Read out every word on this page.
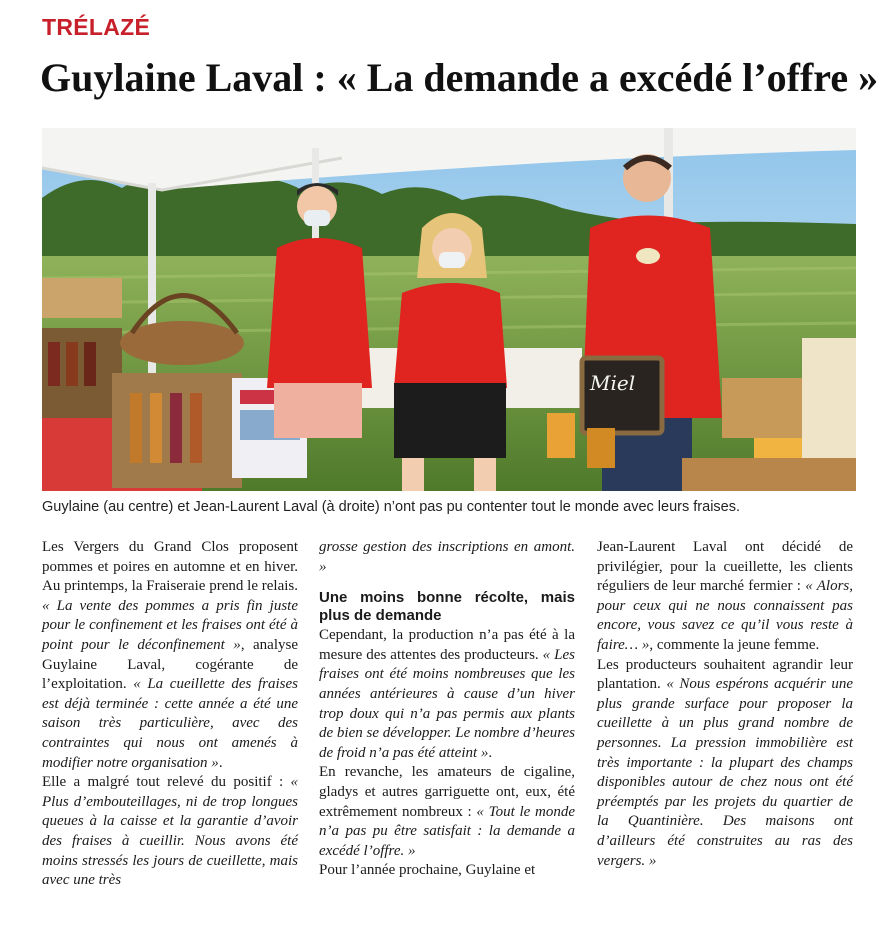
TRÉLAZÉ
Guylaine Laval : « La demande a excédé l’offre »
Miel
Guylaine (au centre) et Jean-Laurent Laval (à droite) n’ont pas pu contenter tout le monde avec leurs fraises.

Les Vergers du Grand Clos proposent pommes et poires en automne et en hiver. Au printemps, la Fraiseraie prend le relais. « La vente des pommes a pris fin juste pour le confinement et les fraises ont été à point pour le déconfinement », analyse Guylaine Laval, cogérante de l’exploitation. « La cueillette des fraises est déjà terminée : cette année a été une saison très particulière, avec des contraintes qui nous ont amenés à modifier notre organisation ».

Elle a malgré tout relevé du positif : « Plus d’embouteillages, ni de trop longues queues à la caisse et la garantie d’avoir des fraises à cueillir. Nous avons été moins stressés les jours de cueillette, mais avec une très

grosse gestion des inscriptions en amont. »

Une moins bonne récolte, mais plus de demande

Cependant, la production n’a pas été à la mesure des attentes des producteurs. « Les fraises ont été moins nombreuses que les années antérieures à cause d’un hiver trop doux qui n’a pas permis aux plants de bien se développer. Le nombre d’heures de froid n’a pas été atteint ».

En revanche, les amateurs de cigaline, gladys et autres garriguette ont, eux, été extrêmement nombreux : « Tout le monde n’a pas pu être satisfait : la demande a excédé l’offre. »

Pour l’année prochaine, Guylaine et

Jean-Laurent Laval ont décidé de privilégier, pour la cueillette, les clients réguliers de leur marché fermier : « Alors, pour ceux qui ne nous connaissent pas encore, vous savez ce qu’il vous reste à faire… », commente la jeune femme.

Les producteurs souhaitent agrandir leur plantation. « Nous espérons acquérir une plus grande surface pour proposer la cueillette à un plus grand nombre de personnes. La pression immobilière est très importante : la plupart des champs disponibles autour de chez nous ont été préemptés par les projets du quartier de la Quantinière. Des maisons ont d’ailleurs été construites au ras des vergers. »
